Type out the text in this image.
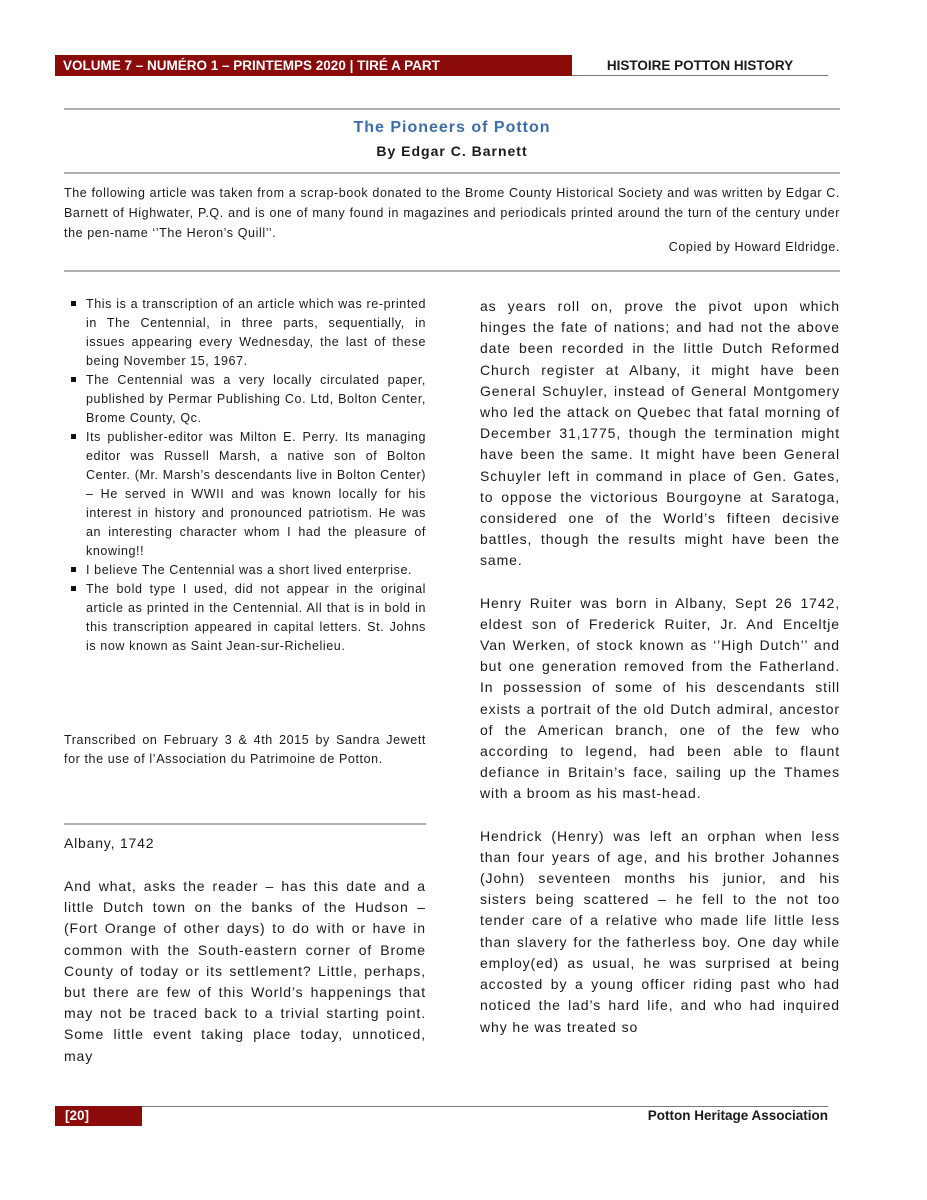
VOLUME 7 – NUMÉRO 1 – PRINTEMPS 2020 | TIRÉ A PART	HISTOIRE POTTON HISTORY
The Pioneers of Potton
By Edgar C. Barnett

The following article was taken from a scrap-book donated to the Brome County Historical Society and was written by Edgar C. Barnett of Highwater, P.Q. and is one of many found in magazines and periodicals printed around the turn of the century under the pen-name ‘’The Heron’s Quill’’.

Copied by Howard Eldridge.
This is a transcription of an article which was re-printed in The Centennial, in three parts, sequentially, in issues appearing every Wednesday, the last of these being November 15, 1967.
The Centennial was a very locally circulated paper, published by Permar Publishing Co. Ltd, Bolton Center, Brome County, Qc.
Its publisher-editor was Milton E. Perry. Its managing editor was Russell Marsh, a native son of Bolton Center. (Mr. Marsh’s descendants live in Bolton Center) – He served in WWII and was known locally for his interest in history and pronounced patriotism. He was an interesting character whom I had the pleasure of knowing!!
I believe The Centennial was a short lived enterprise.
The bold type I used, did not appear in the original article as printed in the Centennial. All that is in bold in this transcription appeared in capital letters. St. Johns is now known as Saint Jean-sur-Richelieu.

Transcribed on February 3 & 4th 2015 by Sandra Jewett for the use of l’Association du Patrimoine de Potton.

Albany, 1742

And what, asks the reader – has this date and a little Dutch town on the banks of the Hudson – (Fort Orange of other days) to do with or have in common with the South-eastern corner of Brome County of today or its settlement? Little, perhaps, but there are few of this World’s happenings that may not be traced back to a trivial starting point. Some little event taking place today, unnoticed, may

as years roll on, prove the pivot upon which hinges the fate of nations; and had not the above date been recorded in the little Dutch Reformed Church register at Albany, it might have been General Schuyler, instead of General Montgomery who led the attack on Quebec that fatal morning of December 31,1775, though the termination might have been the same. It might have been General Schuyler left in command in place of Gen. Gates, to oppose the victorious Bourgoyne at Saratoga, considered one of the World’s fifteen decisive battles, though the results might have been the same.

Henry Ruiter was born in Albany, Sept 26 1742, eldest son of Frederick Ruiter, Jr. And Enceltje Van Werken, of stock known as ‘’High Dutch’’ and but one generation removed from the Fatherland. In possession of some of his descendants still exists a portrait of the old Dutch admiral, ancestor of the American branch, one of the few who according to legend, had been able to flaunt defiance in Britain’s face, sailing up the Thames with a broom as his mast-head.

Hendrick (Henry) was left an orphan when less than four years of age, and his brother Johannes (John) seventeen months his junior, and his sisters being scattered – he fell to the not too tender care of a relative who made life little less than slavery for the fatherless boy. One day while employ(ed) as usual, he was surprised at being accosted by a young officer riding past who had noticed the lad’s hard life, and who had inquired why he was treated so

[20]	Potton Heritage Association
